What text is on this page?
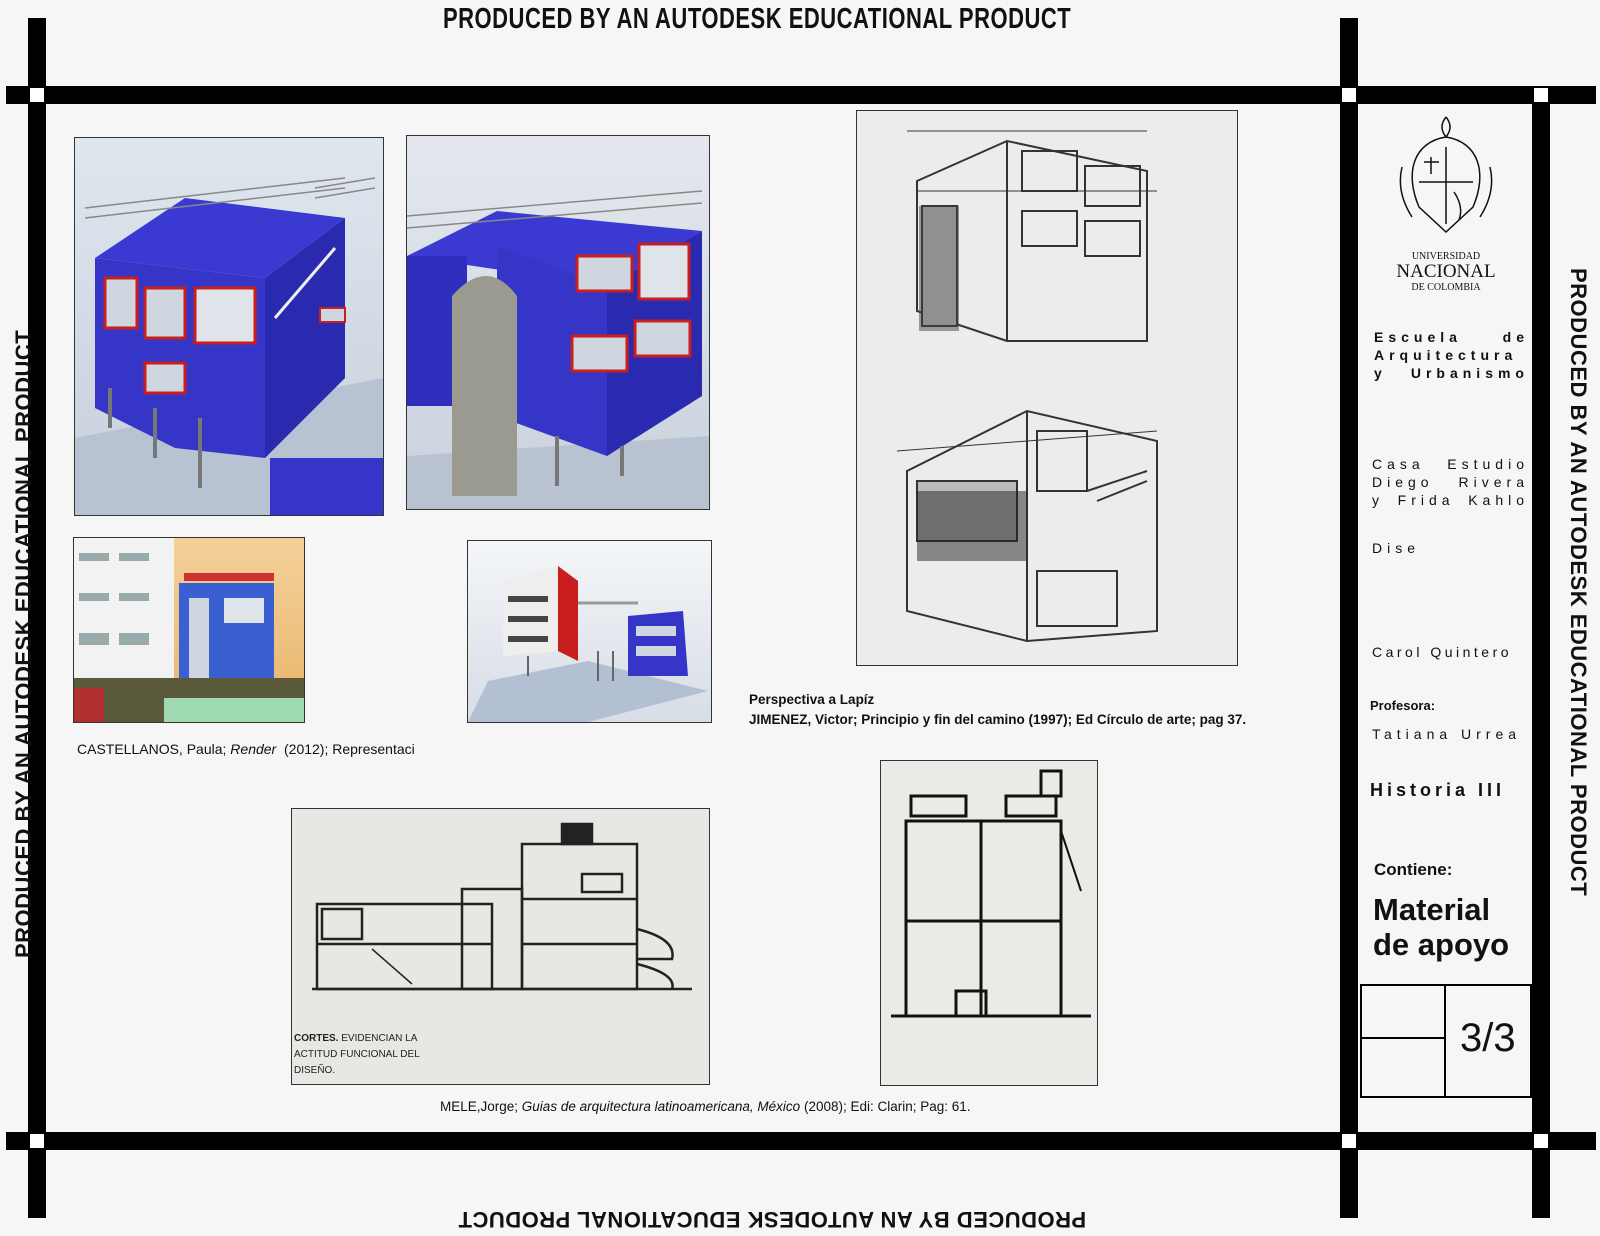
PRODUCED BY AN AUTODESK EDUCATIONAL PRODUCT
PRODUCED BY AN AUTODESK EDUCATIONAL PRODUCT
PRODUCED BY AN AUTODESK EDUCATIONAL PRODUCT	PRODUCED BY AN AUTODESK EDUCATIONAL PRODUCT
CASTELLANOS, Paula; Render  (2012); Representaci
Perspectiva a Lapíz
JIMENEZ, Victor; Principio y fin del camino (1997); Ed Círculo de arte; pag 37.
CORTES. EVIDENCIAN LA ACTITUD FUNCIONAL DEL DISEÑO.
MELE,Jorge; Guias de arquitectura latinoamericana, México (2008); Edi: Clarin; Pag: 61.
UNIVERSIDAD
NACIONAL
DE COLOMBIA
Escuela de Arquitectura y Urbanismo
Casa Estudio Diego Rivera y Frida Kahlo
Dise
Carol Quintero
Profesora:
Tatiana Urrea
Historia III
Contiene:
Material de apoyo
3/3
